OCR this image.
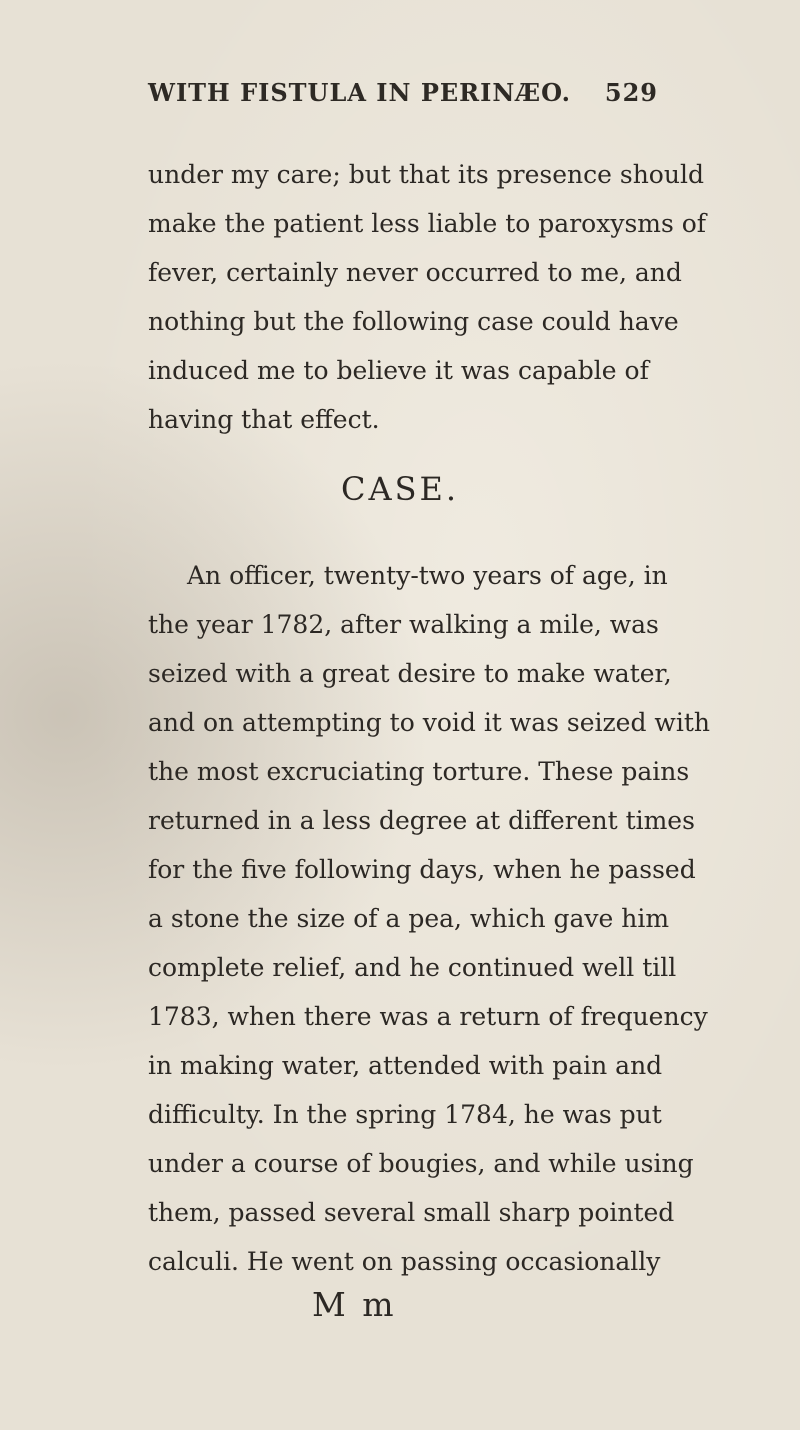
WITH FISTULA IN PERINÆO. 529
under my care; but that its presence should
make the patient less liable to paroxysms of
fever, certainly never occurred to me, and
nothing but the following case could have
induced me to believe it was capable of
having that effect.
CASE.
An officer, twenty-two years of age, in
the year 1782, after walking a mile, was
seized with a great desire to make water,
and on attempting to void it was seized with
the most excruciating torture. These pains
returned in a less degree at different times
for the five following days, when he passed
a stone the size of a pea, which gave him
complete relief, and he continued well till
1783, when there was a return of frequency
in making water, attended with pain and
difficulty. In the spring 1784, he was put
under a course of bougies, and while using
them, passed several small sharp pointed
calculi. He went on passing occasionally
M m
